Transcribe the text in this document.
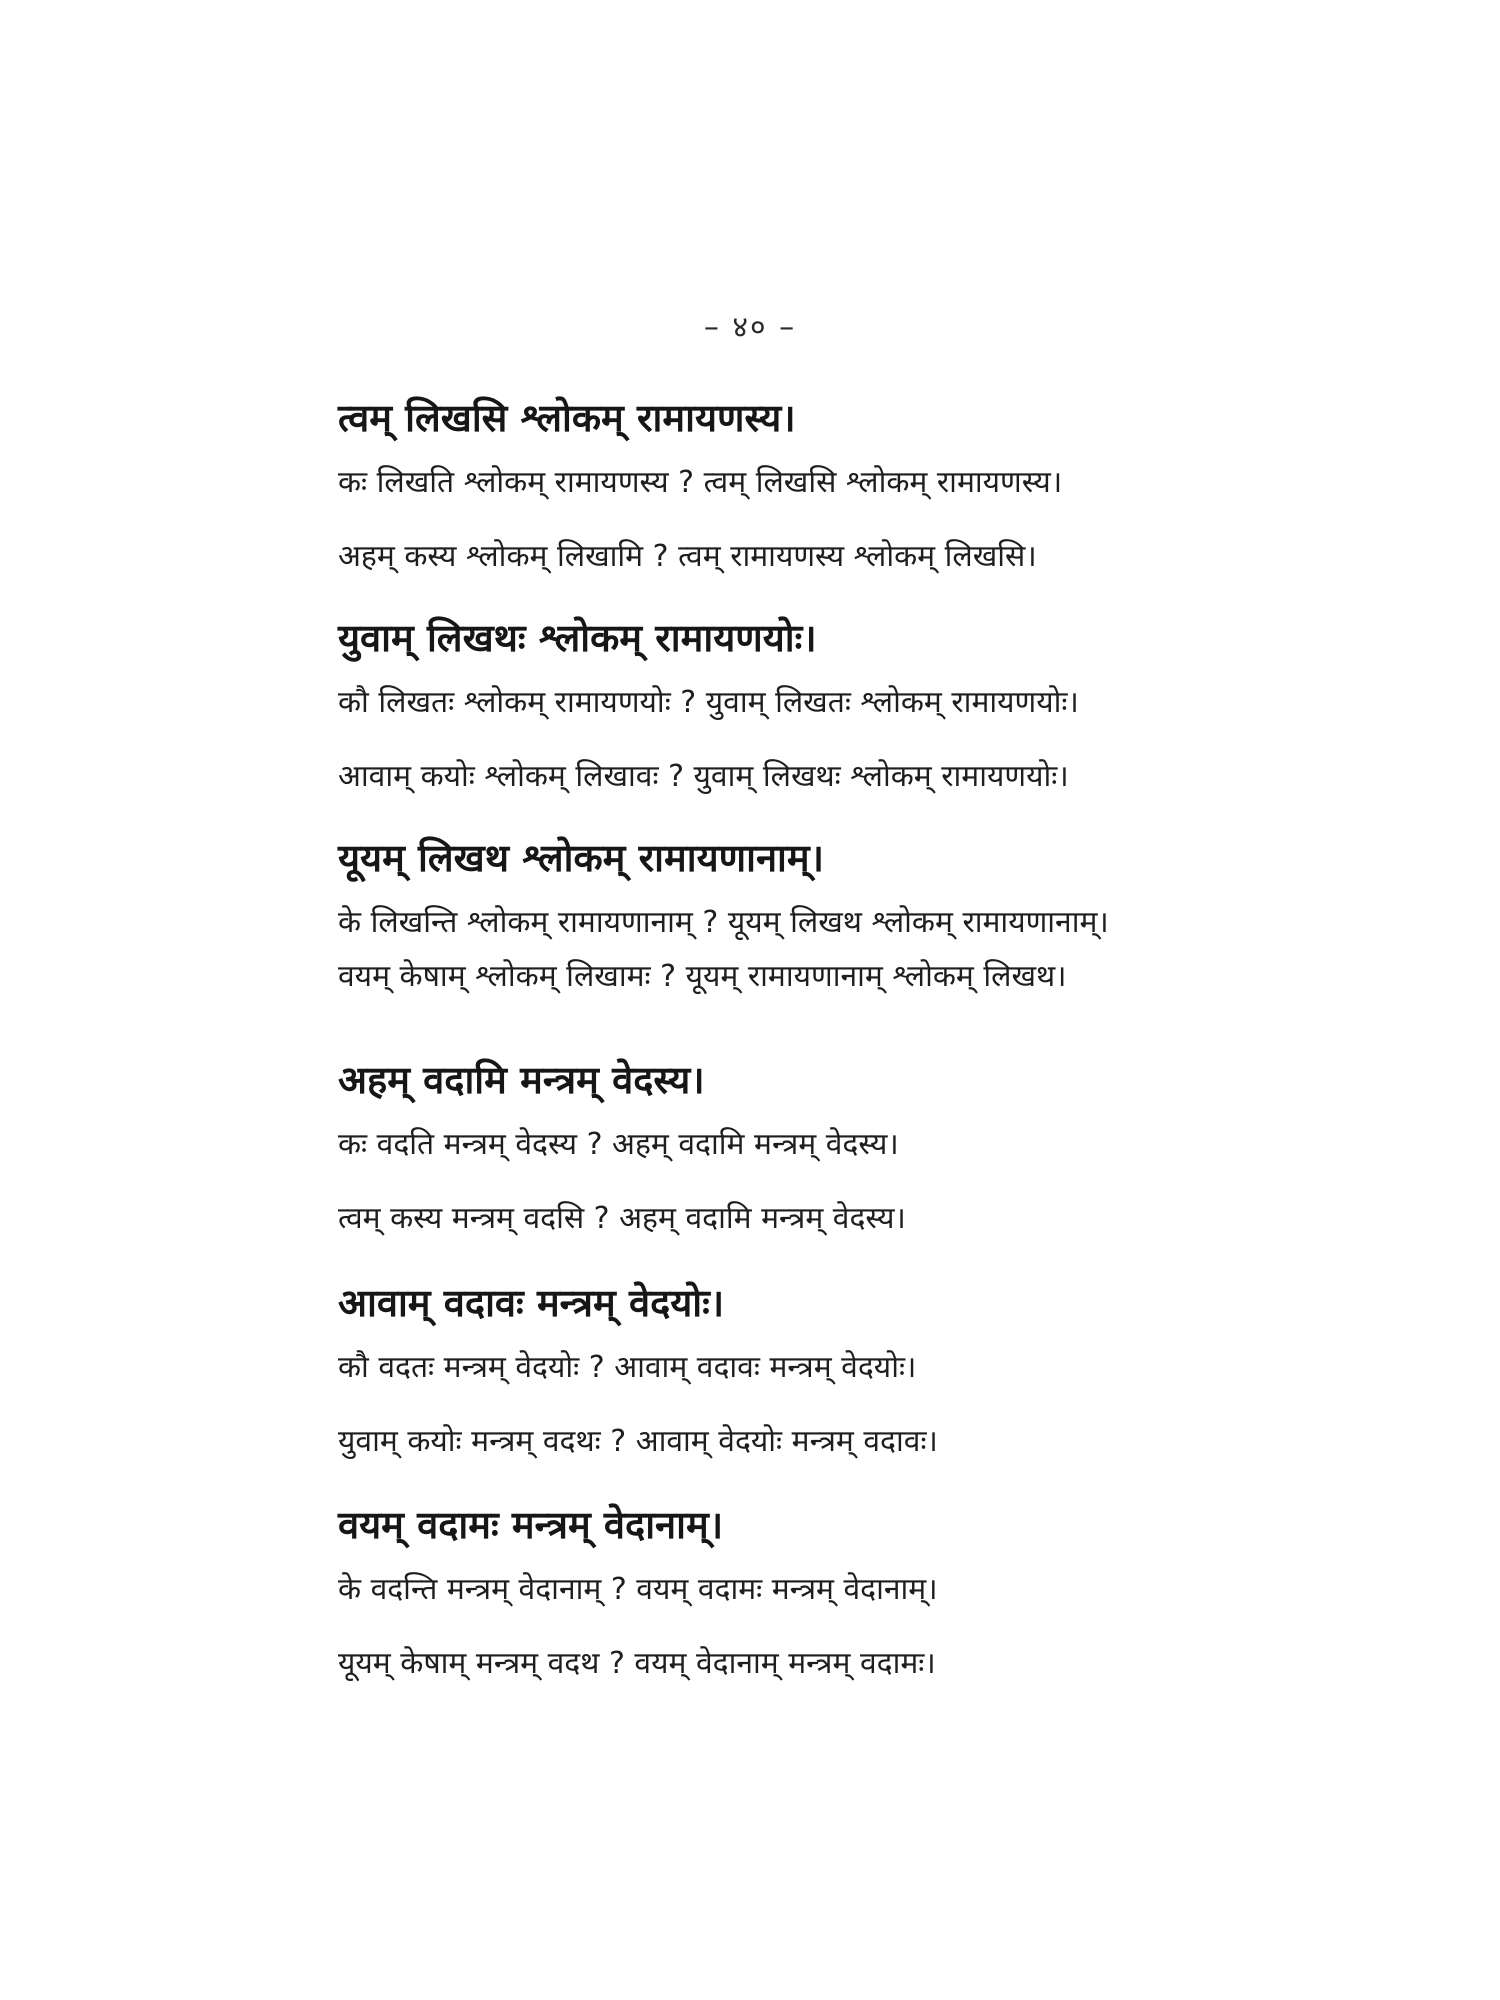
– ४० –

त्वम् लिखसि श्लोकम् रामायणस्य।

कः लिखति श्लोकम् रामायणस्य ? त्वम् लिखसि श्लोकम् रामायणस्य।

अहम् कस्य श्लोकम् लिखामि ? त्वम् रामायणस्य श्लोकम् लिखसि।

युवाम् लिखथः श्लोकम् रामायणयोः।

कौ लिखतः श्लोकम् रामायणयोः ? युवाम् लिखतः श्लोकम् रामायणयोः।

आवाम् कयोः श्लोकम् लिखावः ? युवाम् लिखथः श्लोकम् रामायणयोः।

यूयम् लिखथ श्लोकम् रामायणानाम्।

के लिखन्ति श्लोकम् रामायणानाम् ? यूयम् लिखथ श्लोकम् रामायणानाम्।

वयम् केषाम् श्लोकम् लिखामः ? यूयम् रामायणानाम् श्लोकम् लिखथ।

अहम् वदामि मन्त्रम् वेदस्य।

कः वदति मन्त्रम् वेदस्य ? अहम् वदामि मन्त्रम् वेदस्य।

त्वम् कस्य मन्त्रम् वदसि ? अहम् वदामि मन्त्रम् वेदस्य।

आवाम् वदावः मन्त्रम् वेदयोः।

कौ वदतः मन्त्रम् वेदयोः ? आवाम् वदावः मन्त्रम् वेदयोः।

युवाम् कयोः मन्त्रम् वदथः ? आवाम् वेदयोः मन्त्रम् वदावः।

वयम् वदामः मन्त्रम् वेदानाम्।

के वदन्ति मन्त्रम् वेदानाम् ? वयम् वदामः मन्त्रम् वेदानाम्।

यूयम् केषाम् मन्त्रम् वदथ ? वयम् वेदानाम् मन्त्रम् वदामः।
